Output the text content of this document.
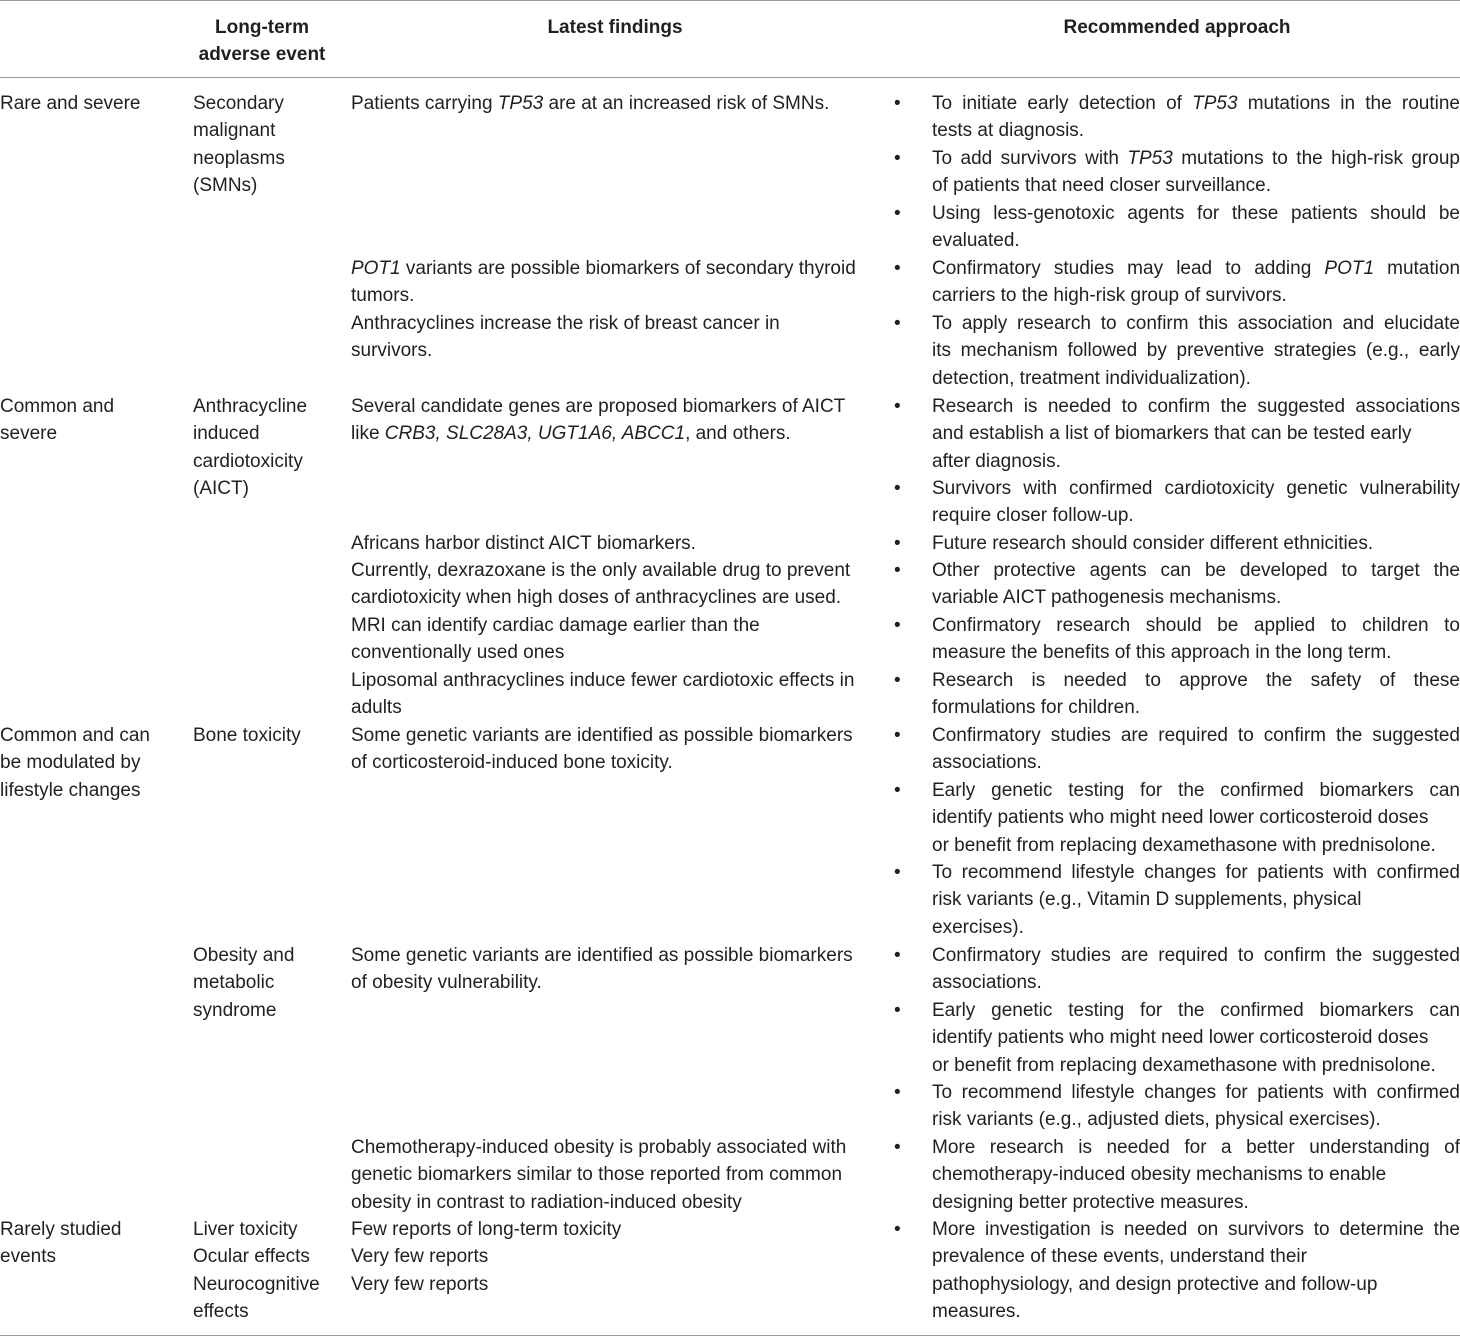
Long-term
adverse event
Latest findings	Recommended approach
Rare and severe
Common and
severe
Common and can
be modulated by
lifestyle changes
Rarely studied
events
Secondary
malignant
neoplasms
(SMNs)
Anthracycline
induced
cardiotoxicity
(AICT)
Bone toxicity
Obesity and
metabolic
syndrome
Liver toxicity
Ocular effects
Neurocognitive
effects
Patients carrying TP53 are at an increased risk of SMNs.
POT1 variants are possible biomarkers of secondary thyroid
tumors.
Anthracyclines increase the risk of breast cancer in
survivors.
Several candidate genes are proposed biomarkers of AICT
like CRB3, SLC28A3, UGT1A6, ABCC1, and others.
Africans harbor distinct AICT biomarkers.
Currently, dexrazoxane is the only available drug to prevent
cardiotoxicity when high doses of anthracyclines are used.
MRI can identify cardiac damage earlier than the
conventionally used ones
Liposomal anthracyclines induce fewer cardiotoxic effects in
adults
Some genetic variants are identified as possible biomarkers
of corticosteroid-induced bone toxicity.
Some genetic variants are identified as possible biomarkers
of obesity vulnerability.
Chemotherapy-induced obesity is probably associated with
genetic biomarkers similar to those reported from common
obesity in contrast to radiation-induced obesity
Few reports of long-term toxicity
Very few reports
Very few reports
•
•
•
•
•
•
•
•
•
•
•
•
•
•
•
•
•
•
•
To initiate early detection of TP53 mutations in the routine
tests at diagnosis.
To add survivors with TP53 mutations to the high-risk group
of patients that need closer surveillance.
Using less-genotoxic agents for these patients should be
evaluated.
Confirmatory studies may lead to adding POT1 mutation
carriers to the high-risk group of survivors.
To apply research to confirm this association and elucidate
its mechanism followed by preventive strategies (e.g., early
detection, treatment individualization).
Research is needed to confirm the suggested associations
and establish a list of biomarkers that can be tested early
after diagnosis.
Survivors with confirmed cardiotoxicity genetic vulnerability
require closer follow-up.
Future research should consider different ethnicities.
Other protective agents can be developed to target the
variable AICT pathogenesis mechanisms.
Confirmatory research should be applied to children to
measure the benefits of this approach in the long term.
Research is needed to approve the safety of these
formulations for children.
Confirmatory studies are required to confirm the suggested
associations.
Early genetic testing for the confirmed biomarkers can
identify patients who might need lower corticosteroid doses
or benefit from replacing dexamethasone with prednisolone.
To recommend lifestyle changes for patients with confirmed
risk variants (e.g., Vitamin D supplements, physical
exercises).
Confirmatory studies are required to confirm the suggested
associations.
Early genetic testing for the confirmed biomarkers can
identify patients who might need lower corticosteroid doses
or benefit from replacing dexamethasone with prednisolone.
To recommend lifestyle changes for patients with confirmed
risk variants (e.g., adjusted diets, physical exercises).
More research is needed for a better understanding of
chemotherapy-induced obesity mechanisms to enable
designing better protective measures.
More investigation is needed on survivors to determine the
prevalence of these events, understand their
pathophysiology, and design protective and follow-up
measures.
